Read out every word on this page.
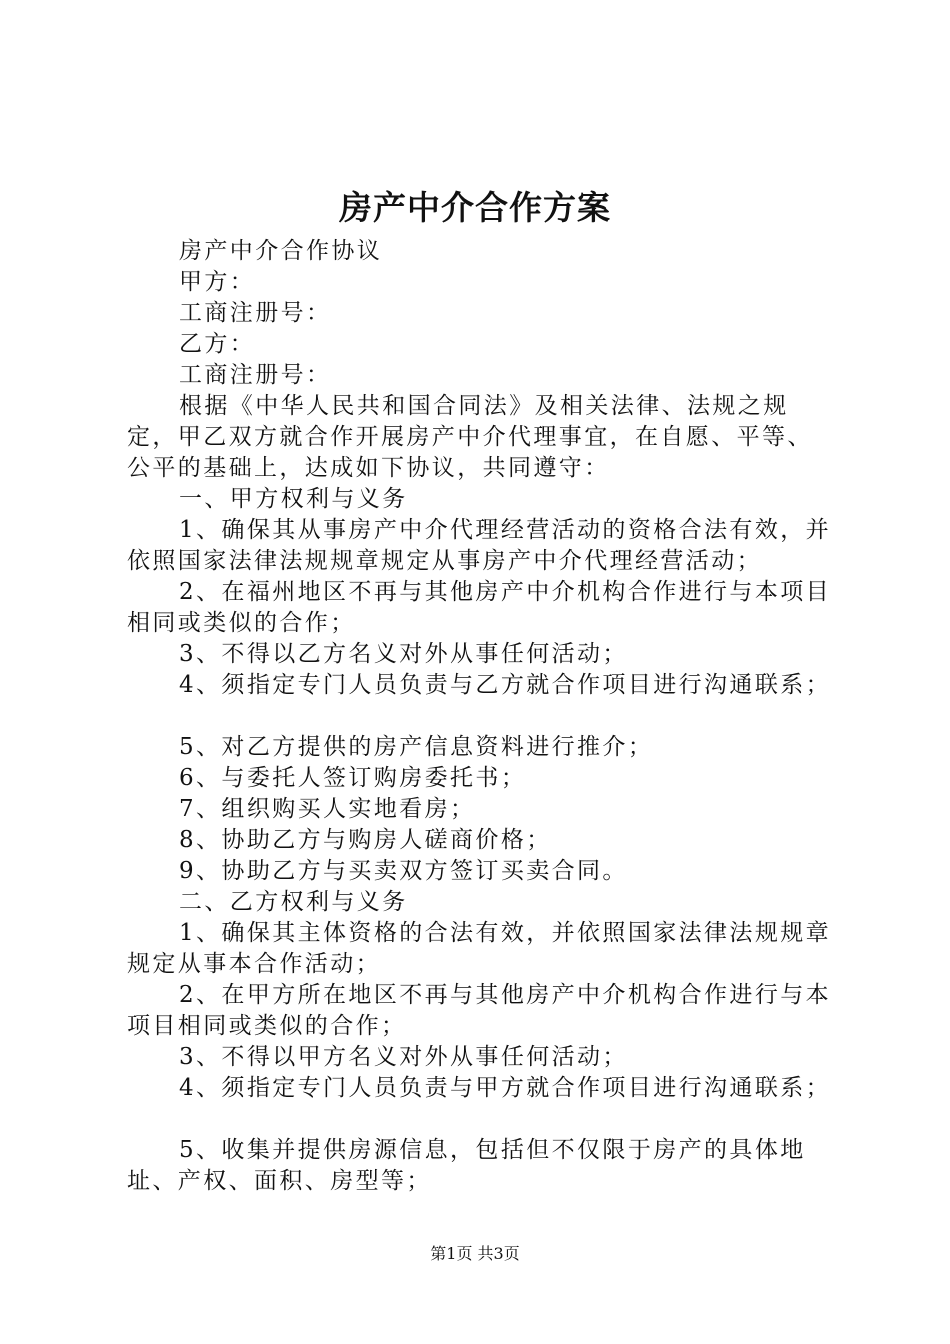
房产中介合作方案

房产中介合作协议

甲方：

工商注册号：

乙方：

工商注册号：

根据《中华人民共和国合同法》及相关法律、法规之规定，甲乙双方就合作开展房产中介代理事宜，在自愿、平等、公平的基础上，达成如下协议，共同遵守：

一、甲方权利与义务

1、确保其从事房产中介代理经营活动的资格合法有效，并依照国家法律法规规章规定从事房产中介代理经营活动；

2、在福州地区不再与其他房产中介机构合作进行与本项目相同或类似的合作；

3、不得以乙方名义对外从事任何活动；

4、须指定专门人员负责与乙方就合作项目进行沟通联系；

5、对乙方提供的房产信息资料进行推介；

6、与委托人签订购房委托书；

7、组织购买人实地看房；

8、协助乙方与购房人磋商价格；

9、协助乙方与买卖双方签订买卖合同。

二、乙方权利与义务

1、确保其主体资格的合法有效，并依照国家法律法规规章规定从事本合作活动；

2、在甲方所在地区不再与其他房产中介机构合作进行与本项目相同或类似的合作；

3、不得以甲方名义对外从事任何活动；

4、须指定专门人员负责与甲方就合作项目进行沟通联系；

5、收集并提供房源信息，包括但不仅限于房产的具体地址、产权、面积、房型等；

第1页 共3页
